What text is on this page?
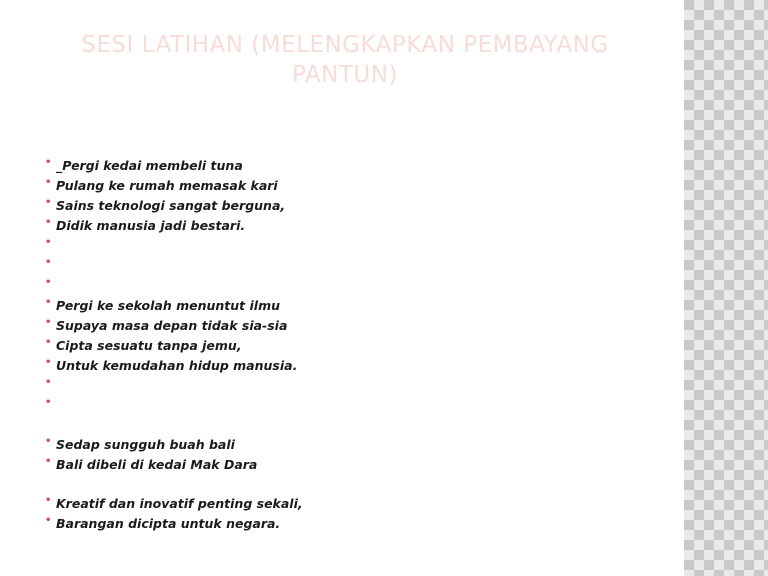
SESI LATIHAN (MELENGKAPKAN PEMBAYANG PANTUN)
• _Pergi kedai membeli tuna
• Pulang ke rumah memasak kari
• Sains teknologi sangat berguna,
• Didik manusia jadi bestari.
•
•
•
• Pergi ke sekolah menuntut ilmu
• Supaya masa depan tidak sia-sia
• Cipta sesuatu tanpa jemu,
• Untuk kemudahan hidup manusia.
•
•
• Sedap sungguh buah bali
• Bali dibeli di kedai Mak Dara
• Kreatif dan inovatif penting sekali,
• Barangan dicipta untuk negara.
